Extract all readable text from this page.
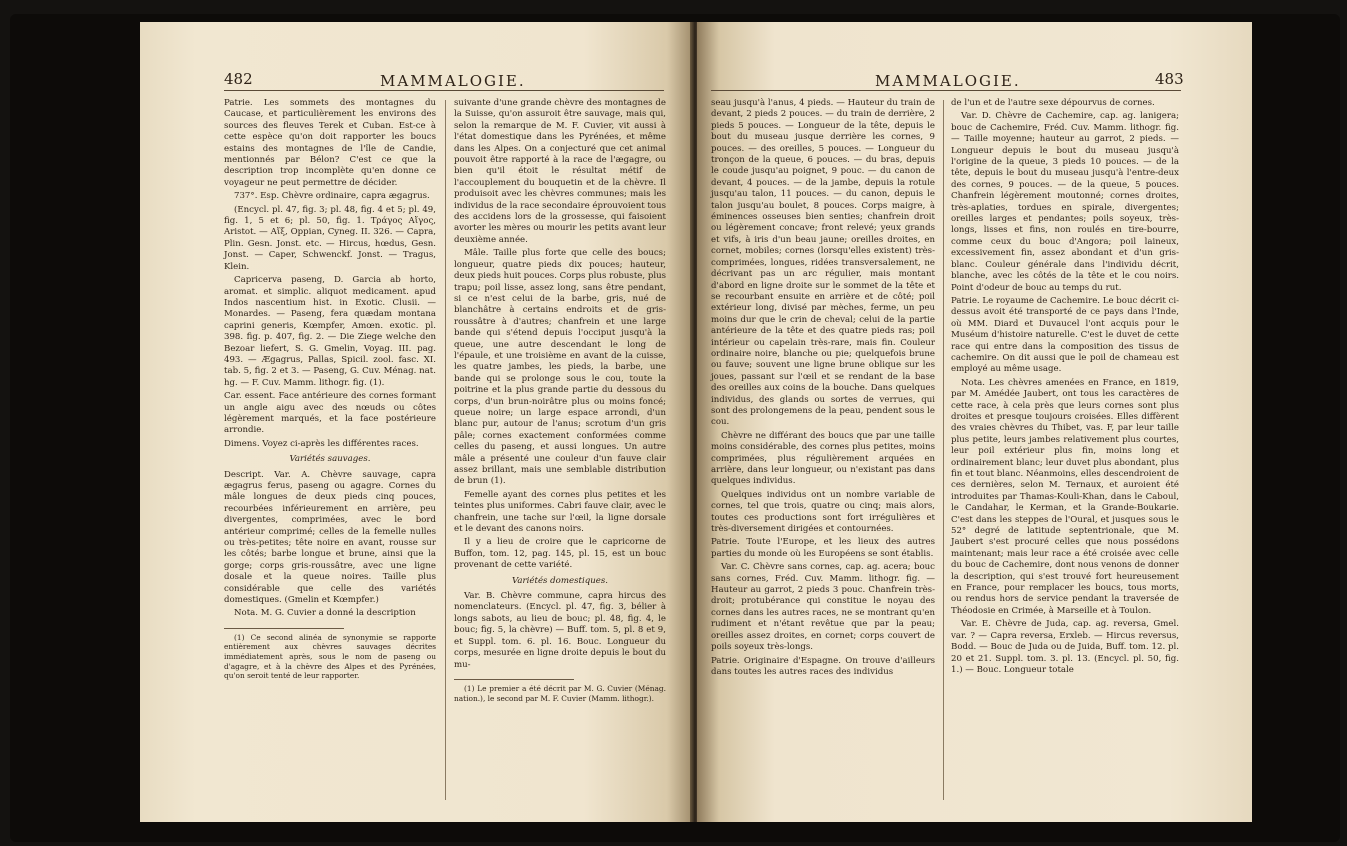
482	MAMMALOGIE.

Patrie. Les sommets des montagnes du Caucase, et particulièrement les environs des sources des fleuves Terek et Cuban. Est-ce à cette espèce qu'on doit rapporter les boucs estains des montagnes de l'île de Candie, mentionnés par Bélon? C'est ce que la description trop incomplète qu'en donne ce voyageur ne peut permettre de décider.

737°. Esp. Chèvre ordinaire, capra ægagrus.

(Encycl. pl. 47, fig. 3; pl. 48, fig. 4 et 5; pl. 49, fig. 1, 5 et 6; pl. 50, fig. 1. Τράγος Αἴγος, Aristot. — Αἴξ, Oppian, Cyneg. II. 326. — Capra, Plin. Gesn. Jonst. etc. — Hircus, hœdus, Gesn. Jonst. — Caper, Schwenckf. Jonst. — Tragus, Klein.

Capricerva paseng, D. Garcia ab horto, aromat. et simplic. aliquot medicament. apud Indos nascentium hist. in Exotic. Clusii. — Monardes. — Paseng, fera quædam montana caprini generis, Kœmpfer, Amœn. exotic. pl. 398. fig. p. 407, fig. 2. — Die Ziege welche den Bezoar liefert, S. G. Gmelin, Voyag. III. pag. 493. — Ægagrus, Pallas, Spicil. zool. fasc. XI. tab. 5, fig. 2 et 3. — Paseng, G. Cuv. Ménag. nat. hg. — F. Cuv. Mamm. lithogr. fig. (1).

Car. essent. Face antérieure des cornes formant un angle aigu avec des nœuds ou côtes légèrement marqués, et la face postérieure arrondie.

Dimens. Voyez ci-après les différentes races.

Variétés sauvages.

Descript. Var. A. Chèvre sauvage, capra ægagrus ferus, paseng ou agagre. Cornes du mâle longues de deux pieds cinq pouces, recourbées inférieurement en arrière, peu divergentes, comprimées, avec le bord antérieur comprimé; celles de la femelle nulles ou très-petites; tête noire en avant, rousse sur les côtés; barbe longue et brune, ainsi que la gorge; corps gris-roussâtre, avec une ligne dosale et la queue noires. Taille plus considérable que celle des variétés domestiques. (Gmelin et Kœmpfer.)

Nota. M. G. Cuvier a donné la description

(1) Ce second alinéa de synonymie se rapporte entièrement aux chèvres sauvages décrites immédiatement après, sous le nom de paseng ou d'agagre, et à la chèvre des Alpes et des Pyrénées, qu'on seroit tenté de leur rapporter.

suivante d'une grande chèvre des montagnes de la Suisse, qu'on assuroit être sauvage, mais qui, selon la remarque de M. F. Cuvier, vit aussi à l'état domestique dans les Pyrénées, et même dans les Alpes. On a conjecturé que cet animal pouvoit être rapporté à la race de l'ægagre, ou bien qu'il étoit le résultat métif de l'accouplement du bouquetin et de la chèvre. Il produisoit avec les chèvres communes; mais les individus de la race secondaire éprouvoient tous des accidens lors de la grossesse, qui faisoient avorter les mères ou mourir les petits avant leur deuxième année.

Mâle. Taille plus forte que celle des boucs; longueur, quatre pieds dix pouces; hauteur, deux pieds huit pouces. Corps plus robuste, plus trapu; poil lisse, assez long, sans être pendant, si ce n'est celui de la barbe, gris, nué de blanchâtre à certains endroits et de gris-roussâtre à d'autres; chanfrein et une large bande qui s'étend depuis l'occiput jusqu'à la queue, une autre descendant le long de l'épaule, et une troisième en avant de la cuisse, les quatre jambes, les pieds, la barbe, une bande qui se prolonge sous le cou, toute la poitrine et la plus grande partie du dessous du corps, d'un brun-noirâtre plus ou moins foncé; queue noire; un large espace arrondi, d'un blanc pur, autour de l'anus; scrotum d'un gris pâle; cornes exactement conformées comme celles du paseng, et aussi longues. Un autre mâle a présenté une couleur d'un fauve clair assez brillant, mais une semblable distribution de brun (1).

Femelle ayant des cornes plus petites et les teintes plus uniformes. Cabri fauve clair, avec le chanfrein, une tache sur l'œil, la ligne dorsale et le devant des canons noirs.

Il y a lieu de croire que le capricorne de Buffon, tom. 12, pag. 145, pl. 15, est un bouc provenant de cette variété.

Variétés domestiques.

Var. B. Chèvre commune, capra hircus des nomenclateurs. (Encycl. pl. 47, fig. 3, bélier à longs sabots, au lieu de bouc; pl. 48, fig. 4, le bouc; fig. 5, la chèvre) — Buff. tom. 5, pl. 8 et 9, et Suppl. tom. 6. pl. 16. Bouc. Longueur du corps, mesurée en ligne droite depuis le bout du mu-

(1) Le premier a été décrit par M. G. Cuvier (Ménag. nation.), le second par M. F. Cuvier (Mamm. lithogr.).

MAMMALOGIE.	483

seau jusqu'à l'anus, 4 pieds. — Hauteur du train de devant, 2 pieds 2 pouces. — du train de derrière, 2 pieds 5 pouces. — Longueur de la tête, depuis le bout du museau jusque derrière les cornes, 9 pouces. — des oreilles, 5 pouces. — Longueur du tronçon de la queue, 6 pouces. — du bras, depuis le coude jusqu'au poignet, 9 pouc. — du canon de devant, 4 pouces. — de la jambe, depuis la rotule jusqu'au talon, 11 pouces. — du canon, depuis le talon jusqu'au boulet, 8 pouces. Corps maigre, à éminences osseuses bien senties; chanfrein droit ou légèrement concave; front relevé; yeux grands et vifs, à iris d'un beau jaune; oreilles droites, en cornet, mobiles; cornes (lorsqu'elles existent) très-comprimées, longues, ridées transversalement, ne décrivant pas un arc régulier, mais montant d'abord en ligne droite sur le sommet de la tête et se recourbant ensuite en arrière et de côté; poil extérieur long, divisé par mèches, ferme, un peu moins dur que le crin de cheval; celui de la partie antérieure de la tête et des quatre pieds ras; poil intérieur ou capelain très-rare, mais fin. Couleur ordinaire noire, blanche ou pie; quelquefois brune ou fauve; souvent une ligne brune oblique sur les joues, passant sur l'œil et se rendant de la base des oreilles aux coins de la bouche. Dans quelques individus, des glands ou sortes de verrues, qui sont des prolongemens de la peau, pendent sous le cou.

Chèvre ne différant des boucs que par une taille moins considérable, des cornes plus petites, moins comprimées, plus régulièrement arquées en arrière, dans leur longueur, ou n'existant pas dans quelques individus.

Quelques individus ont un nombre variable de cornes, tel que trois, quatre ou cinq; mais alors, toutes ces productions sont fort irrégulières et très-diversement dirigées et contournées.

Patrie. Toute l'Europe, et les lieux des autres parties du monde où les Européens se sont établis.

Var. C. Chèvre sans cornes, cap. ag. acera; bouc sans cornes, Fréd. Cuv. Mamm. lithogr. fig. — Hauteur au garrot, 2 pieds 3 pouc. Chanfrein très-droit; protubérance qui constitue le noyau des cornes dans les autres races, ne se montrant qu'en rudiment et n'étant revêtue que par la peau; oreilles assez droites, en cornet; corps couvert de poils soyeux très-longs.

Patrie. Originaire d'Espagne. On trouve d'ailleurs dans toutes les autres races des individus

de l'un et de l'autre sexe dépourvus de cornes.

Var. D. Chèvre de Cachemire, cap. ag. lanigera; bouc de Cachemire, Fréd. Cuv. Mamm. lithogr. fig. — Taille moyenne; hauteur au garrot, 2 pieds. — Longueur depuis le bout du museau jusqu'à l'origine de la queue, 3 pieds 10 pouces. — de la tête, depuis le bout du museau jusqu'à l'entre-deux des cornes, 9 pouces. — de la queue, 5 pouces. Chanfrein légèrement moutonné; cornes droites, très-aplaties, tordues en spirale, divergentes; oreilles larges et pendantes; poils soyeux, très-longs, lisses et fins, non roulés en tire-bourre, comme ceux du bouc d'Angora; poil laineux, excessivement fin, assez abondant et d'un gris-blanc. Couleur générale dans l'individu décrit, blanche, avec les côtés de la tête et le cou noirs. Point d'odeur de bouc au temps du rut.

Patrie. Le royaume de Cachemire. Le bouc décrit ci-dessus avoit été transporté de ce pays dans l'Inde, où MM. Diard et Duvaucel l'ont acquis pour le Muséum d'histoire naturelle. C'est le duvet de cette race qui entre dans la composition des tissus de cachemire. On dit aussi que le poil de chameau est employé au même usage.

Nota. Les chèvres amenées en France, en 1819, par M. Amédée Jaubert, ont tous les caractères de cette race, à cela près que leurs cornes sont plus droites et presque toujours croisées. Elles diffèrent des vraies chèvres du Thibet, vas. F, par leur taille plus petite, leurs jambes relativement plus courtes, leur poil extérieur plus fin, moins long et ordinairement blanc; leur duvet plus abondant, plus fin et tout blanc. Néanmoins, elles descendroient de ces dernières, selon M. Ternaux, et auroient été introduites par Thamas-Kouli-Khan, dans le Caboul, le Candahar, le Kerman, et la Grande-Boukarie. C'est dans les steppes de l'Oural, et jusques sous le 52° degré de latitude septentrionale, que M. Jaubert s'est procuré celles que nous possédons maintenant; mais leur race a été croisée avec celle du bouc de Cachemire, dont nous venons de donner la description, qui s'est trouvé fort heureusement en France, pour remplacer les boucs, tous morts, ou rendus hors de service pendant la traversée de Théodosie en Crimée, à Marseille et à Toulon.

Var. E. Chèvre de Juda, cap. ag. reversa, Gmel. var. ? — Capra reversa, Erxleb. — Hircus reversus, Bodd. — Bouc de Juda ou de Juida, Buff. tom. 12. pl. 20 et 21. Suppl. tom. 3. pl. 13. (Encycl. pl. 50, fig. 1.) — Bouc. Longueur totale
